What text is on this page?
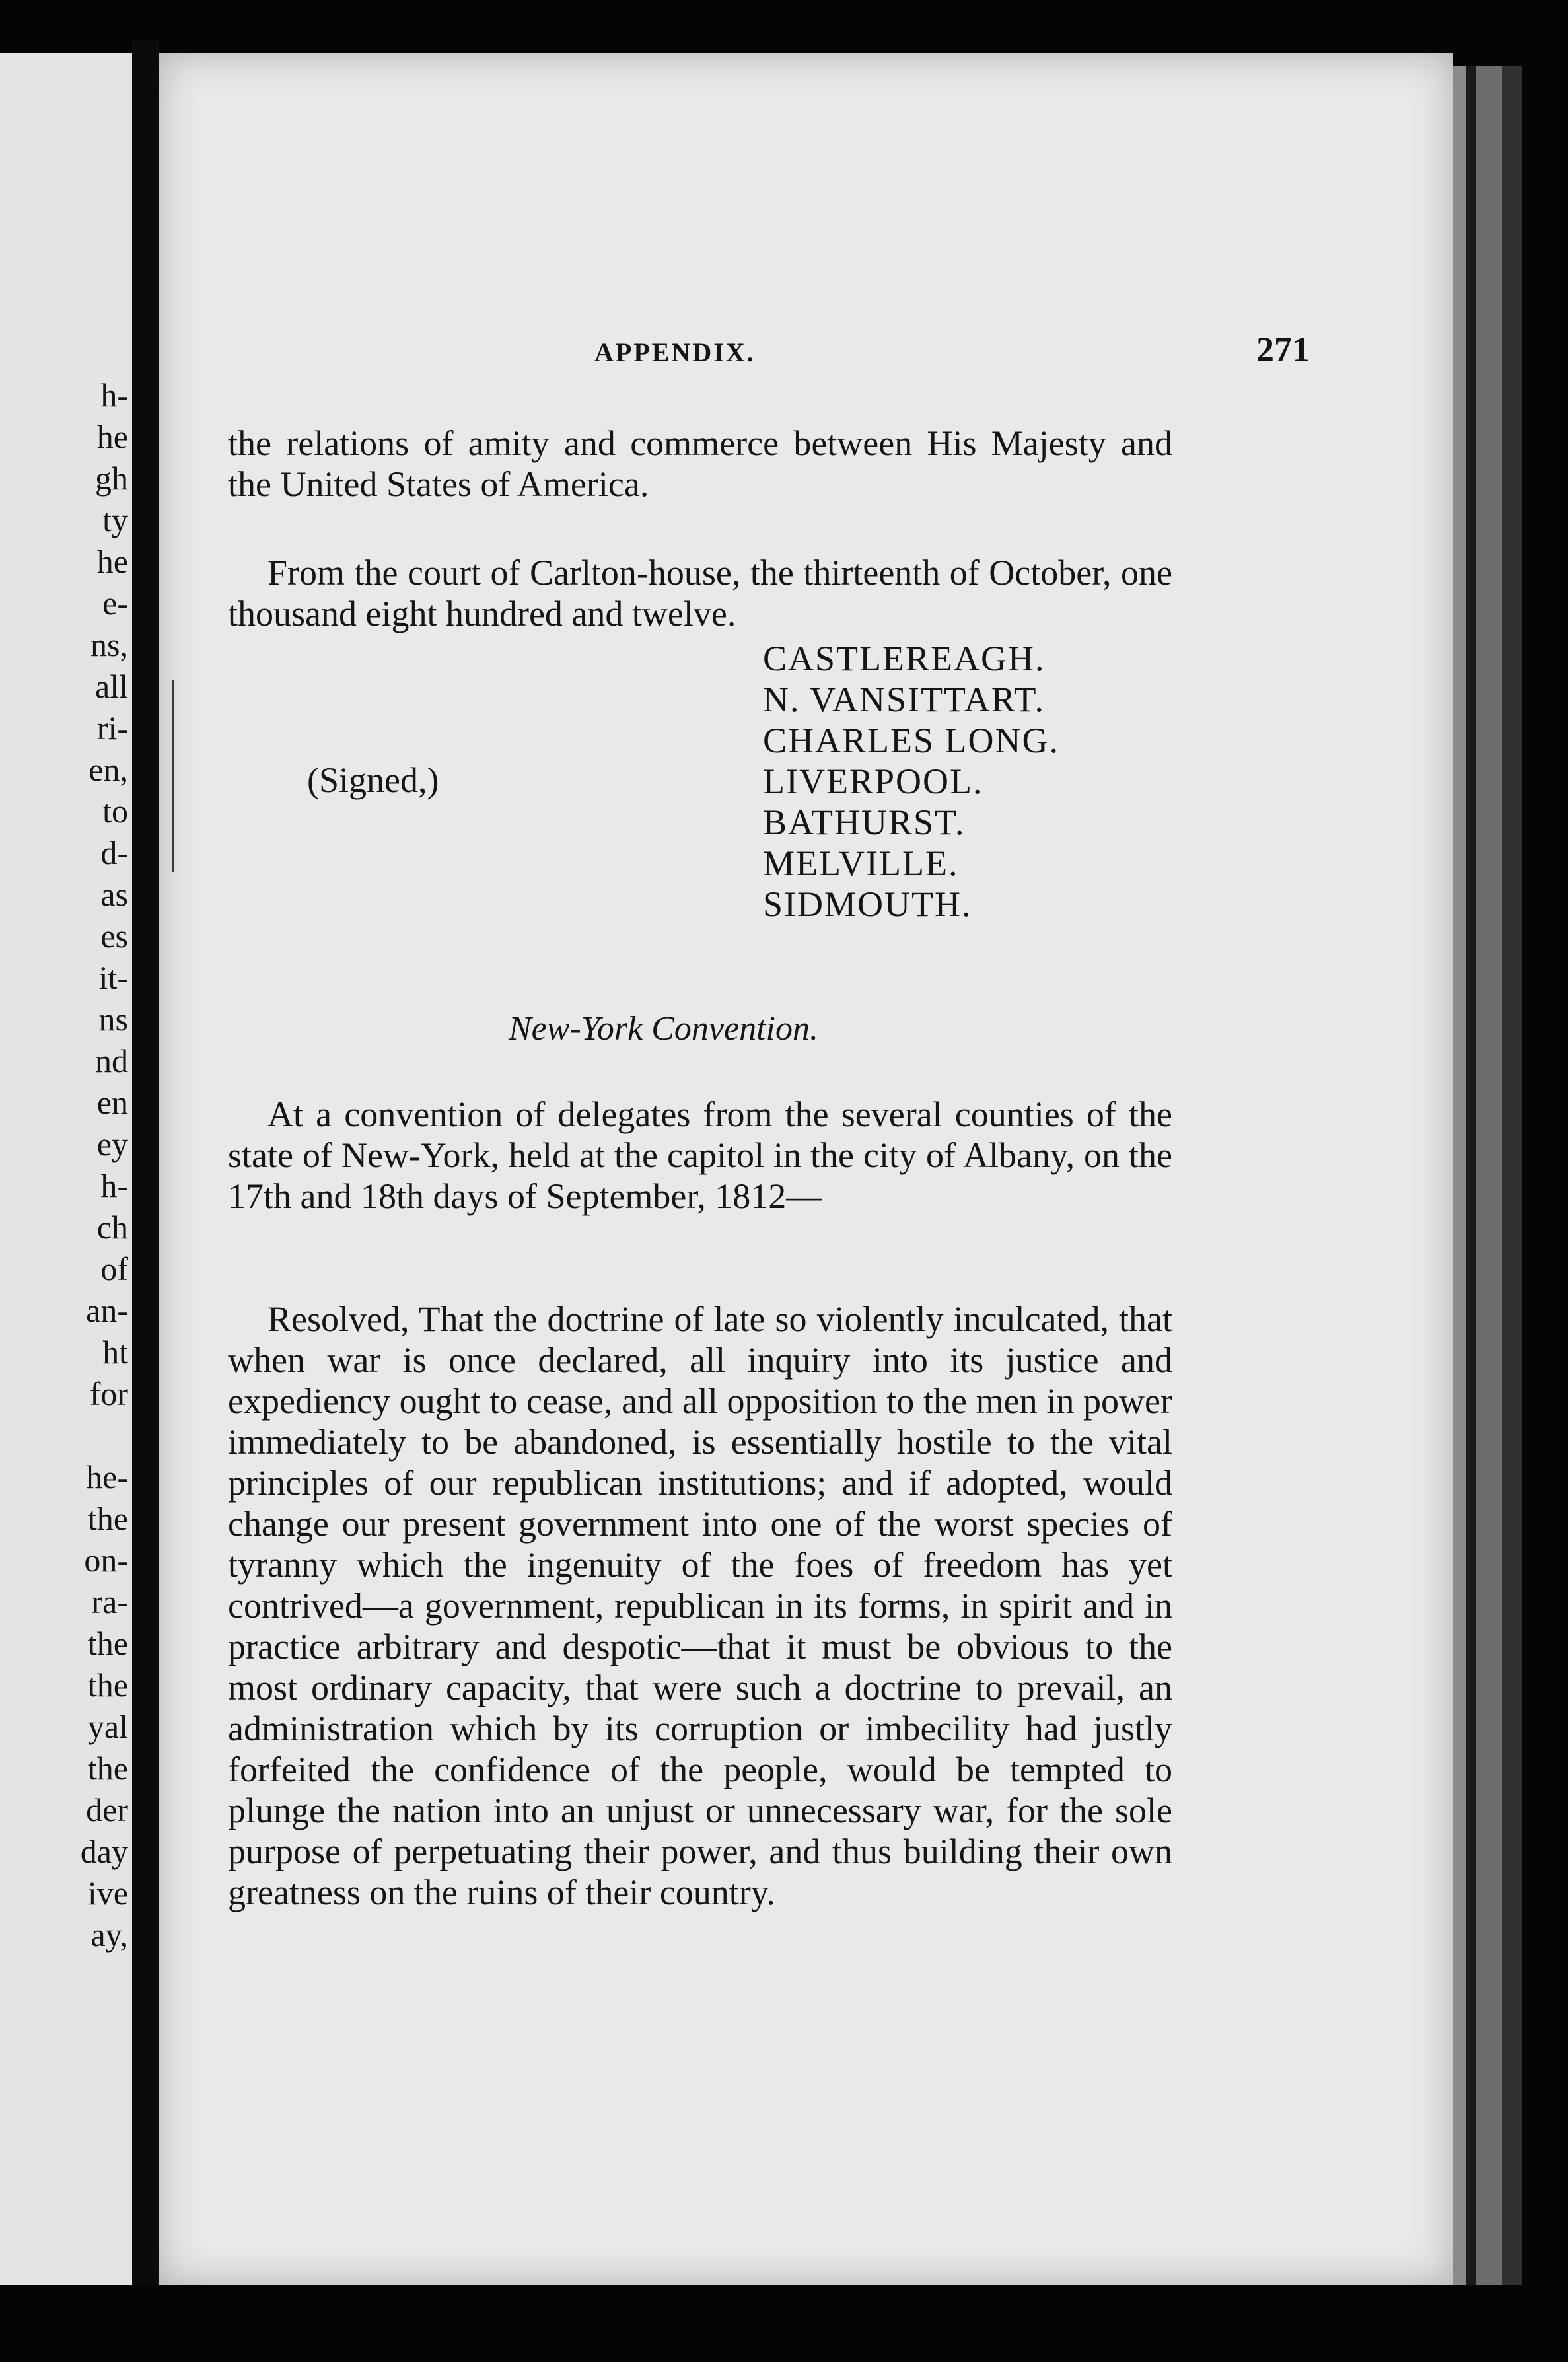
h-
he
gh
ty
he
e-
ns,
all
ri-
en,
to
d-
as
es
it-
ns
nd
en
ey
h-
ch
of
an-
ht
for
he-
the
on-
ra-
the
the
yal
the
der
day
ive
ay,
APPENDIX.	271
the relations of amity and commerce between His Majesty and the United States of America.
From the court of Carlton-house, the thirteenth of October, one thousand eight hundred and twelve.
(Signed,)
CASTLEREAGH.
N. VANSITTART.
CHARLES LONG.
LIVERPOOL.
BATHURST.
MELVILLE.
SIDMOUTH.
New-York Convention.
At a convention of delegates from the several counties of the state of New-York, held at the capitol in the city of Albany, on the 17th and 18th days of September, 1812—
Resolved, That the doctrine of late so violently inculcated, that when war is once declared, all inquiry into its justice and expediency ought to cease, and all opposition to the men in power immediately to be abandoned, is essentially hostile to the vital principles of our republican institutions; and if adopted, would change our present government into one of the worst species of tyranny which the ingenuity of the foes of freedom has yet contrived—a government, republican in its forms, in spirit and in practice arbitrary and despotic—that it must be obvious to the most ordinary capacity, that were such a doctrine to prevail, an administration which by its corruption or imbecility had justly forfeited the confidence of the people, would be tempted to plunge the nation into an unjust or unnecessary war, for the sole purpose of perpetuating their power, and thus building their own greatness on the ruins of their country.
